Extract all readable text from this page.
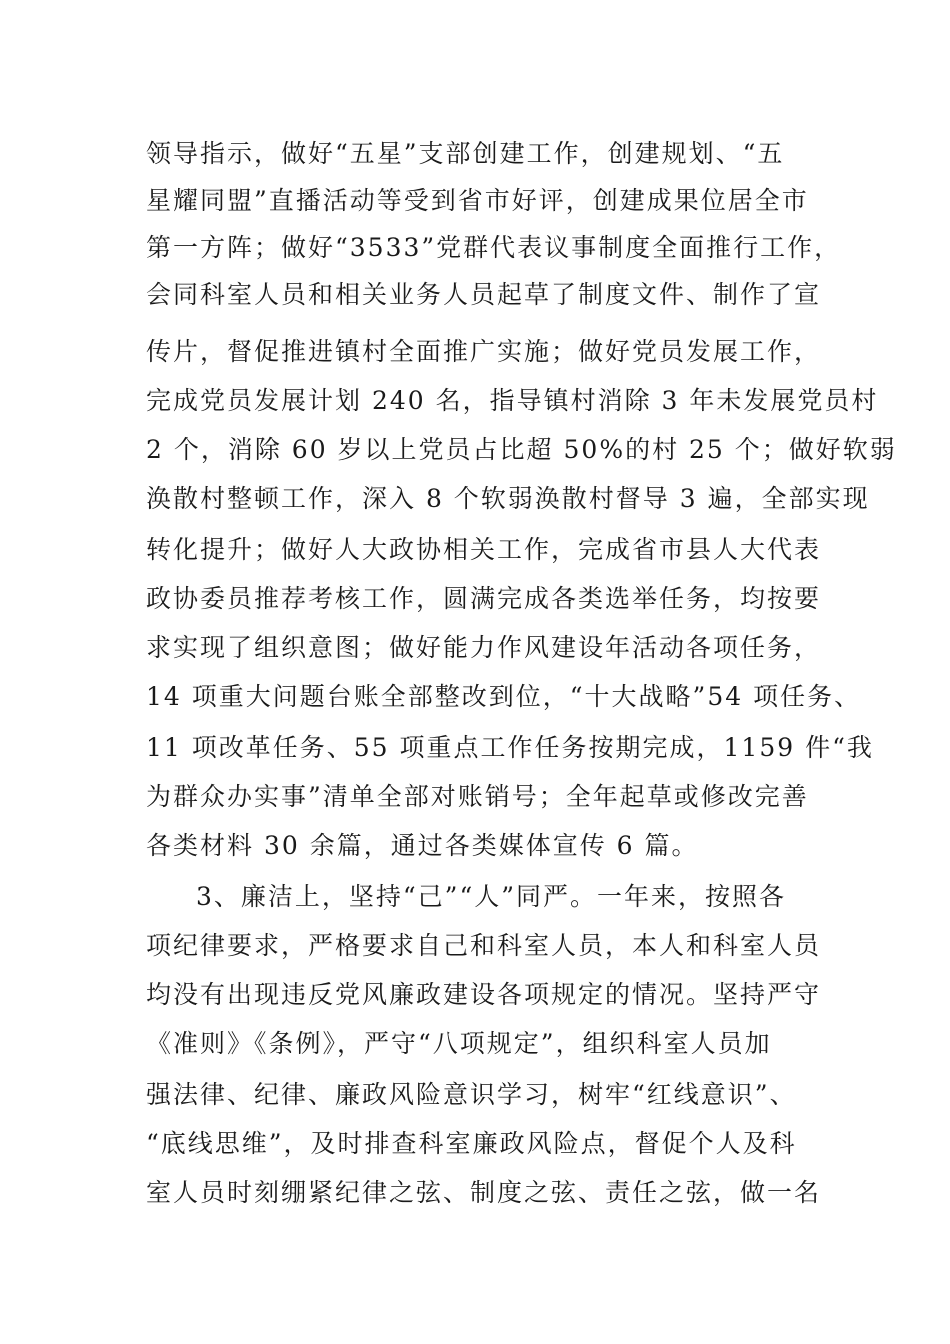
领导指示，做好“五星”支部创建工作，创建规划、“五
星耀同盟”直播活动等受到省市好评，创建成果位居全市
第一方阵；做好“3533”党群代表议事制度全面推行工作，
会同科室人员和相关业务人员起草了制度文件、制作了宣
传片，督促推进镇村全面推广实施；做好党员发展工作，
完成党员发展计划 240 名，指导镇村消除 3 年未发展党员村
2 个，消除 60 岁以上党员占比超 50%的村 25 个；做好软弱
涣散村整顿工作，深入 8 个软弱涣散村督导 3 遍，全部实现
转化提升；做好人大政协相关工作，完成省市县人大代表
政协委员推荐考核工作，圆满完成各类选举任务，均按要
求实现了组织意图；做好能力作风建设年活动各项任务，
14 项重大问题台账全部整改到位，“十大战略”54 项任务、
11 项改革任务、55 项重点工作任务按期完成，1159 件“我
为群众办实事”清单全部对账销号；全年起草或修改完善
各类材料 30 余篇，通过各类媒体宣传 6 篇。
3、廉洁上，坚持“己”“人”同严。一年来，按照各
项纪律要求，严格要求自己和科室人员，本人和科室人员
均没有出现违反党风廉政建设各项规定的情况。坚持严守
《准则》《条例》，严守“八项规定”，组织科室人员加
强法律、纪律、廉政风险意识学习，树牢“红线意识”、
“底线思维”，及时排查科室廉政风险点，督促个人及科
室人员时刻绷紧纪律之弦、制度之弦、责任之弦，做一名
